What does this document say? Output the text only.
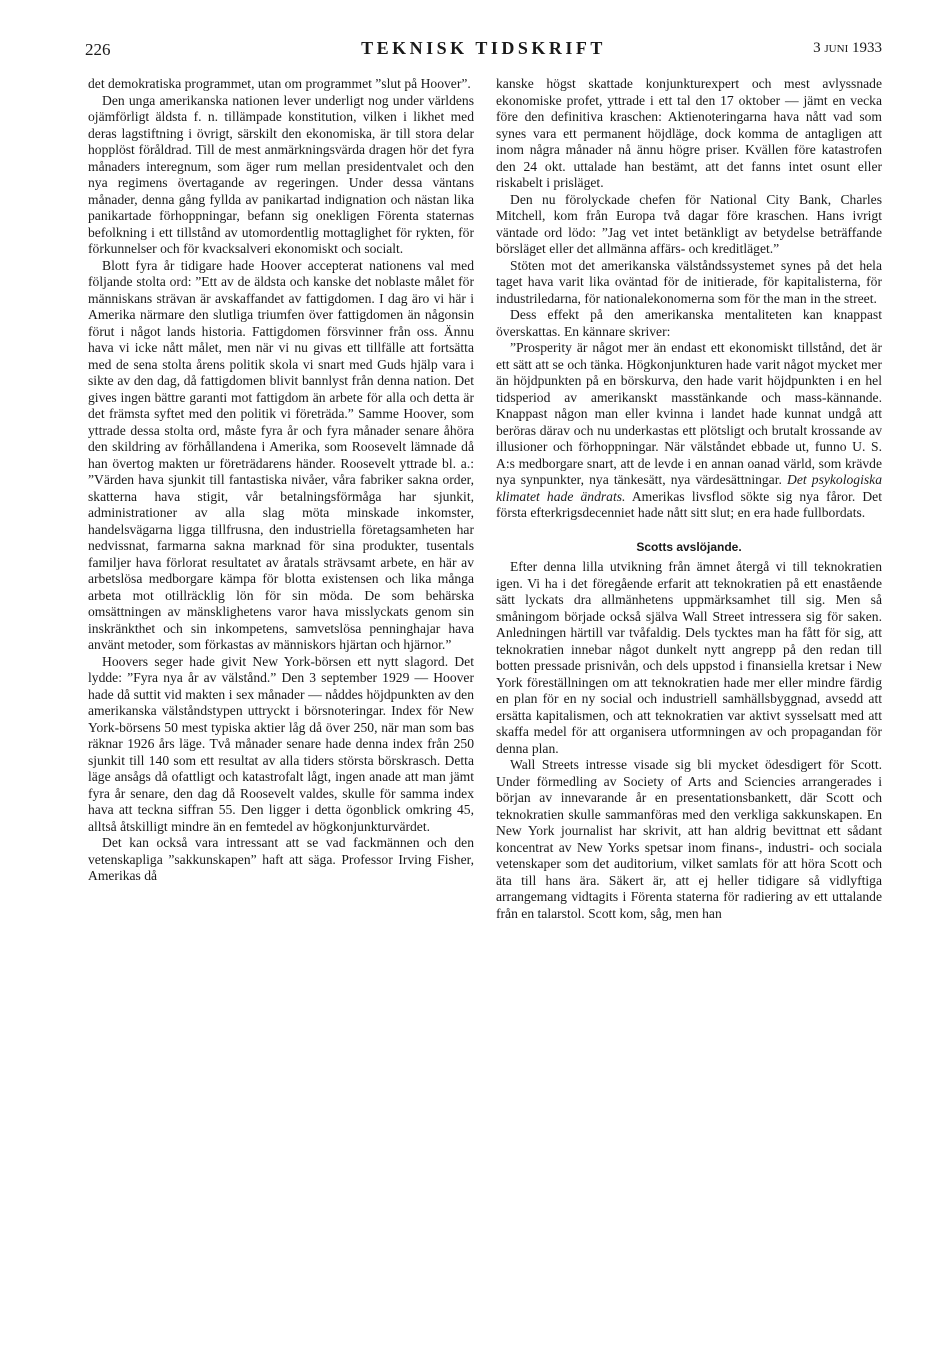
226	TEKNISK TIDSKRIFT	3 juni 1933

det demokratiska programmet, utan om programmet ”slut på Hoover”.

Den unga amerikanska nationen lever underligt nog under världens ojämförligt äldsta f. n. tillämpade konstitution, vilken i likhet med deras lagstiftning i övrigt, särskilt den ekonomiska, är till stora delar hopplöst föråldrad. Till de mest anmärkningsvärda dragen hör det fyra månaders interegnum, som äger rum mellan presidentvalet och den nya regimens övertagande av regeringen. Under dessa väntans månader, denna gång fyllda av panikartad indignation och nästan lika panikartade förhoppningar, befann sig onekligen Förenta staternas befolkning i ett tillstånd av utomordentlig mottaglighet för rykten, för förkunnelser och för kvacksalveri ekonomiskt och socialt.

Blott fyra år tidigare hade Hoover accepterat nationens val med följande stolta ord: ”Ett av de äldsta och kanske det noblaste målet för människans strävan är avskaffandet av fattigdomen. I dag äro vi här i Amerika närmare den slutliga triumfen över fattigdomen än någonsin förut i något lands historia. Fattigdomen försvinner från oss. Ännu hava vi icke nått målet, men när vi nu givas ett tillfälle att fortsätta med de sena stolta årens politik skola vi snart med Guds hjälp vara i sikte av den dag, då fattigdomen blivit bannlyst från denna nation. Det gives ingen bättre garanti mot fattigdom än arbete för alla och detta är det främsta syftet med den politik vi företräda.” Samme Hoover, som yttrade dessa stolta ord, måste fyra år och fyra månader senare åhöra den skildring av förhållandena i Amerika, som Roosevelt lämnade då han övertog makten ur företrädarens händer. Roosevelt yttrade bl. a.: ”Värden hava sjunkit till fantastiska nivåer, våra fabriker sakna order, skatterna hava stigit, vår betalningsförmåga har sjunkit, administrationer av alla slag möta minskade inkomster, handelsvägarna ligga tillfrusna, den industriella företagsamheten har nedvissnat, farmarna sakna marknad för sina produkter, tusentals familjer hava förlorat resultatet av åratals strävsamt arbete, en här av arbetslösa medborgare kämpa för blotta existensen och lika många arbeta mot otillräcklig lön för sin möda. De som behärska omsättningen av mänsklighetens varor hava misslyckats genom sin inskränkthet och sin inkompetens, samvetslösa penninghajar hava använt metoder, som förkastas av människors hjärtan och hjärnor.”

Hoovers seger hade givit New York-börsen ett nytt slagord. Det lydde: ”Fyra nya år av välstånd.” Den 3 september 1929 — Hoover hade då suttit vid makten i sex månader — nåddes höjdpunkten av den amerikanska välståndstypen uttryckt i börsnoteringar. Index för New York-börsens 50 mest typiska aktier låg då över 250, när man som bas räknar 1926 års läge. Två månader senare hade denna index från 250 sjunkit till 140 som ett resultat av alla tiders största börskrasch. Detta läge ansågs då ofattligt och katastrofalt lågt, ingen anade att man jämt fyra år senare, den dag då Roosevelt valdes, skulle för samma index hava att teckna siffran 55. Den ligger i detta ögonblick omkring 45, alltså åtskilligt mindre än en femtedel av högkonjunkturvärdet.

Det kan också vara intressant att se vad fackmännen och den vetenskapliga ”sakkunskapen” haft att säga. Professor Irving Fisher, Amerikas då

kanske högst skattade konjunkturexpert och mest avlyssnade ekonomiske profet, yttrade i ett tal den 17 oktober — jämt en vecka före den definitiva kraschen: Aktienoteringarna hava nått vad som synes vara ett permanent höjdläge, dock komma de antagligen att inom några månader nå ännu högre priser. Kvällen före katastrofen den 24 okt. uttalade han bestämt, att det fanns intet osunt eller riskabelt i prisläget.

Den nu förolyckade chefen för National City Bank, Charles Mitchell, kom från Europa två dagar före kraschen. Hans ivrigt väntade ord lödo: ”Jag vet intet betänkligt av betydelse beträffande börsläget eller det allmänna affärs- och kreditläget.”

Stöten mot det amerikanska välståndssystemet synes på det hela taget hava varit lika oväntad för de initierade, för kapitalisterna, för industriledarna, för nationalekonomerna som för the man in the street.

Dess effekt på den amerikanska mentaliteten kan knappast överskattas. En kännare skriver:

”Prosperity är något mer än endast ett ekonomiskt tillstånd, det är ett sätt att se och tänka. Högkonjunkturen hade varit något mycket mer än höjdpunkten på en börskurva, den hade varit höjdpunkten i en hel tidsperiod av amerikanskt masstänkande och mass-kännande. Knappast någon man eller kvinna i landet hade kunnat undgå att beröras därav och nu underkastas ett plötsligt och brutalt krossande av illusioner och förhoppningar. När välståndet ebbade ut, funno U. S. A:s medborgare snart, att de levde i en annan oanad värld, som krävde nya synpunkter, nya tänkesätt, nya värdesättningar. Det psykologiska klimatet hade ändrats. Amerikas livsflod sökte sig nya fåror. Det första efterkrigsdecenniet hade nått sitt slut; en era hade fullbordats.

Scotts avslöjande.

Efter denna lilla utvikning från ämnet återgå vi till teknokratien igen. Vi ha i det föregående erfarit att teknokratien på ett enastående sätt lyckats dra allmänhetens uppmärksamhet till sig. Men så småningom började också själva Wall Street intressera sig för saken. Anledningen härtill var tvåfaldig. Dels tycktes man ha fått för sig, att teknokratien innebar något dunkelt nytt angrepp på den redan till botten pressade prisnivån, och dels uppstod i finansiella kretsar i New York föreställningen om att teknokratien hade mer eller mindre färdig en plan för en ny social och industriell samhällsbyggnad, avsedd att ersätta kapitalismen, och att teknokratien var aktivt sysselsatt med att skaffa medel för att organisera utformningen av och propagandan för denna plan.

Wall Streets intresse visade sig bli mycket ödesdigert för Scott. Under förmedling av Society of Arts and Sciencies arrangerades i början av innevarande år en presentationsbankett, där Scott och teknokratien skulle sammanföras med den verkliga sakkunskapen. En New York journalist har skrivit, att han aldrig bevittnat ett sådant koncentrat av New Yorks spetsar inom finans-, industri- och sociala vetenskaper som det auditorium, vilket samlats för att höra Scott och äta till hans ära. Säkert är, att ej heller tidigare så vidlyftiga arrangemang vidtagits i Förenta staterna för radiering av ett uttalande från en talarstol. Scott kom, såg, men han
